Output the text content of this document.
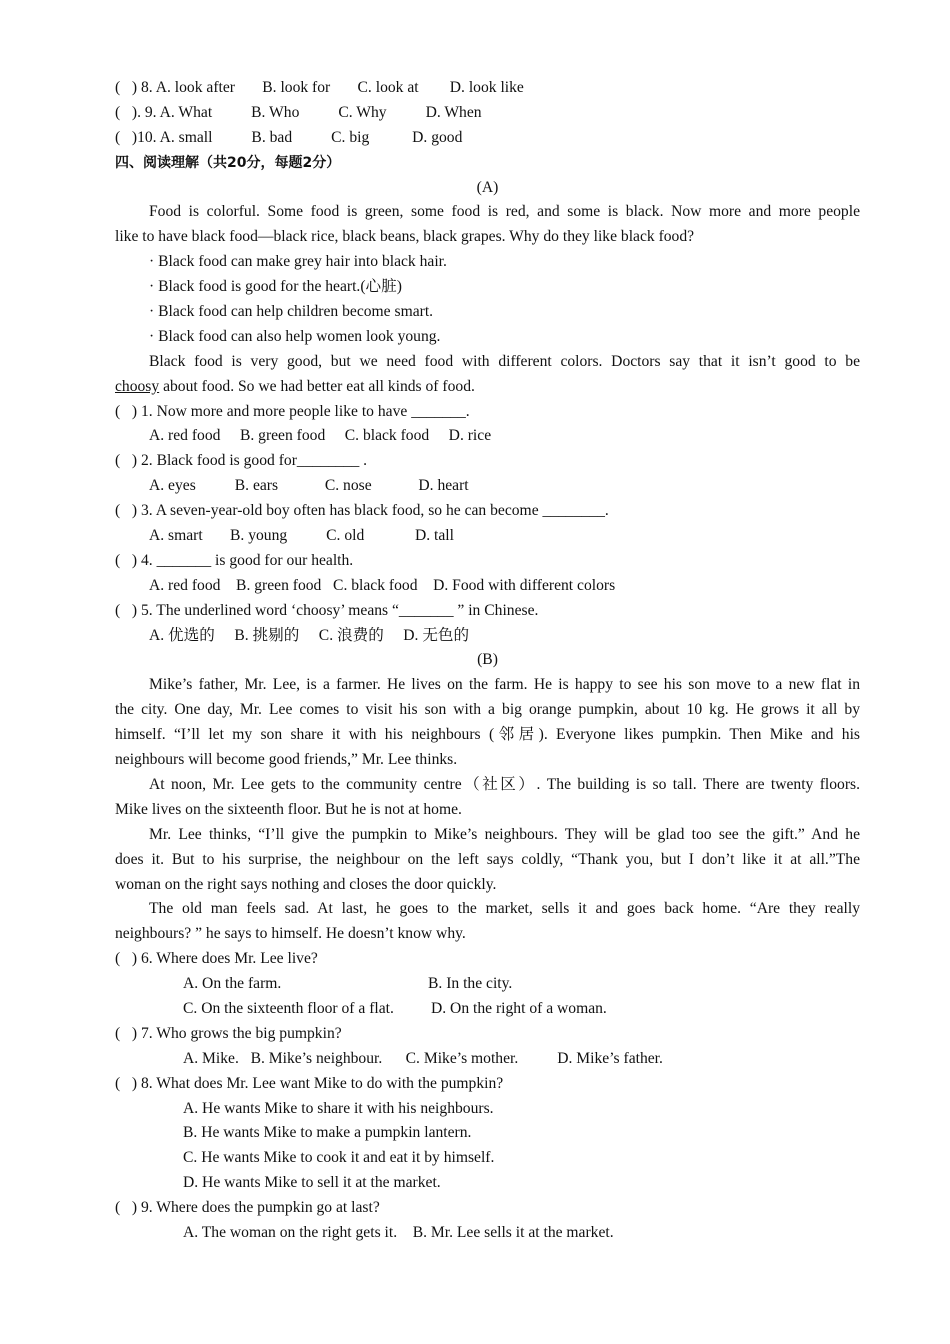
(   ) 8. A. look after       B. look for       C. look at        D. look like
(   ). 9. A. What          B. Who          C. Why          D. When
(   )10. A. small          B. bad          C. big           D. good
四、阅读理解（共20分，每题2分）
(A)
Food is colorful. Some food is green, some food is red, and some is black. Now more and more people
like to have black food—black rice, black beans, black grapes. Why do they like black food?
· Black food can make grey hair into black hair.
· Black food is good for the heart.(心脏)
· Black food can help children become smart.
· Black food can also help women look young.
Black food is very good, but we need food with different colors. Doctors say that it isn’t good to be
choosy about food. So we had better eat all kinds of food.
(   ) 1. Now more and more people like to have _______.
A. red food     B. green food     C. black food     D. rice
(   ) 2. Black food is good for________ .
A. eyes          B. ears            C. nose            D. heart
(   ) 3. A seven-year-old boy often has black food, so he can become ________.
A. smart       B. young          C. old             D. tall
(   ) 4. _______ is good for our health.
A. red food    B. green food   C. black food    D. Food with different colors
(   ) 5. The underlined word ‘choosy’ means “_______ ” in Chinese.
A. 优选的     B. 挑剔的     C. 浪费的     D. 无色的
(B)
Mike’s father, Mr. Lee, is a farmer. He lives on the farm. He is happy to see his son move to a new flat in
the city. One day, Mr. Lee comes to visit his son with a big orange pumpkin, about 10 kg. He grows it all by
himself. “I’ll let my son share it with his neighbours (邻居). Everyone likes pumpkin. Then Mike and his
neighbours will become good friends,” Mr. Lee thinks.
At noon, Mr. Lee gets to the community centre（社区）. The building is so tall. There are twenty floors.
Mike lives on the sixteenth floor. But he is not at home.
Mr. Lee thinks, “I’ll give the pumpkin to Mike’s neighbours. They will be glad too see the gift.” And he
does it. But to his surprise, the neighbour on the left says coldly, “Thank you, but I don’t like it at all.”The
woman on the right says nothing and closes the door quickly.
The old man feels sad. At last, he goes to the market, sells it and goes back home. “Are they really
neighbours? ” he says to himself. He doesn’t know why.
(   ) 6. Where does Mr. Lee live?
A. On the farm.	B. In the city.
C. On the sixteenth floor of a flat. D. On the right of a woman.
(   ) 7. Who grows the big pumpkin?
A. Mike.   B. Mike’s neighbour.      C. Mike’s mother.          D. Mike’s father.
(   ) 8. What does Mr. Lee want Mike to do with the pumpkin?
A. He wants Mike to share it with his neighbours.
B. He wants Mike to make a pumpkin lantern.
C. He wants Mike to cook it and eat it by himself.
D. He wants Mike to sell it at the market.
(   ) 9. Where does the pumpkin go at last?
A. The woman on the right gets it.    B. Mr. Lee sells it at the market.
